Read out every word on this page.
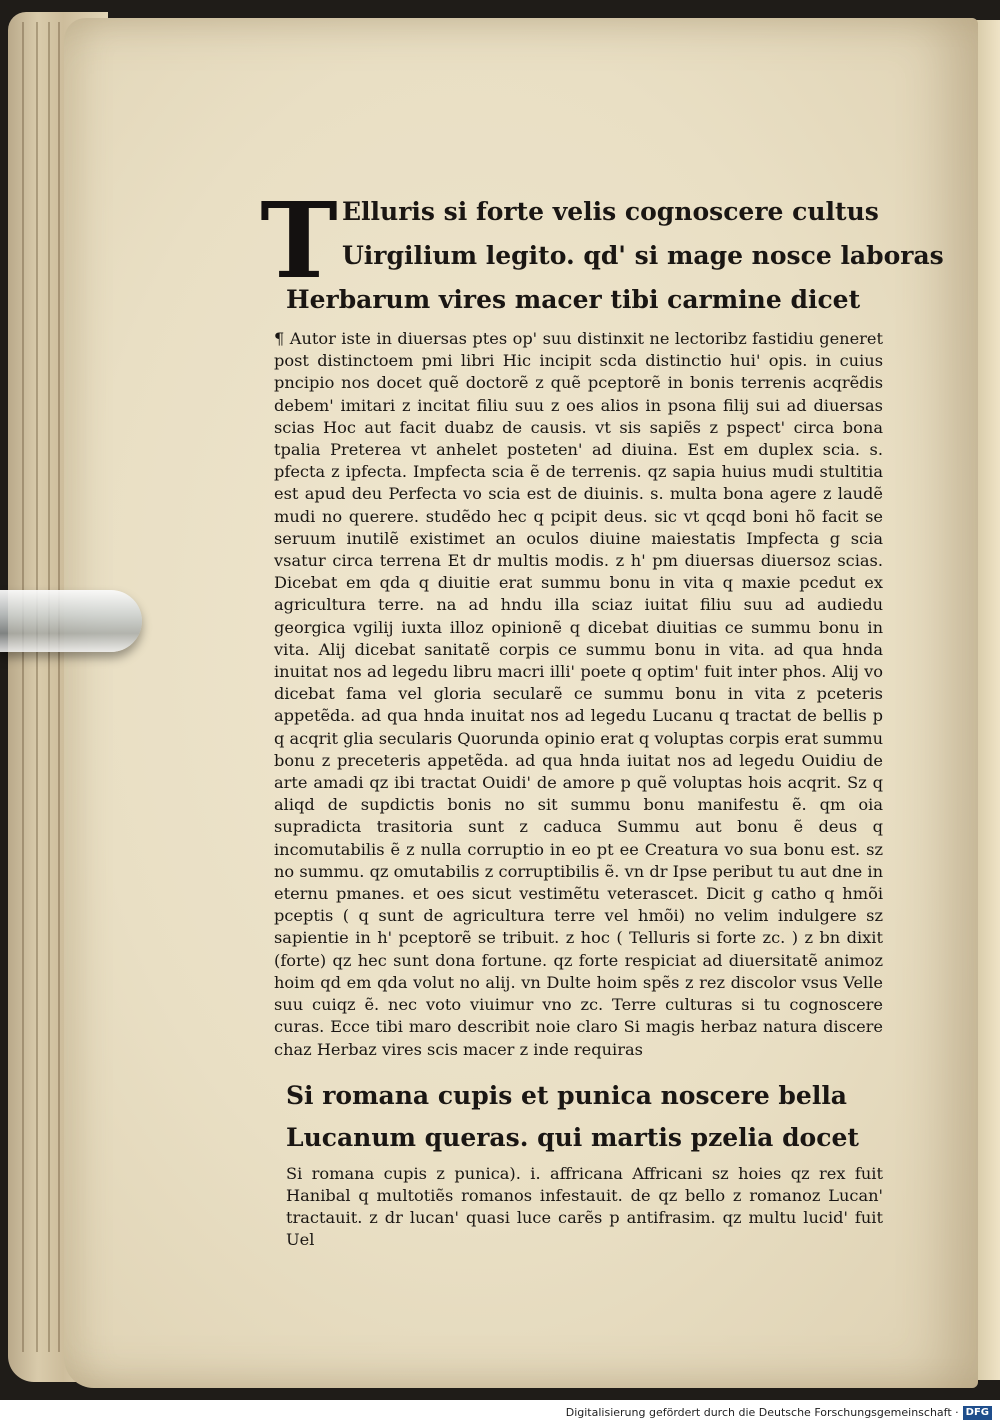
T Elluris si forte velis cognoscere cultus
Uirgilium legito. qd' si mage nosce laboras
Herbarum vires macer tibi carmine dicet
¶ Autor iste in diuersas ptes op' suu distinxit ne lectoribz fastidiu generet post distinctoem pmi libri Hic incipit scda distinctio hui' opis. in cuius pncipio nos docet quẽ doctorẽ z quẽ pceptorẽ in bonis terrenis acqrẽdis debem' imitari z incitat filiu suu z oes alios in psona filij sui ad diuersas scias Hoc aut facit duabz de causis. vt sis sapiẽs z pspect' circa bona tpalia Preterea vt anhelet posteten' ad diuina. Est em duplex scia. s. pfecta z ipfecta. Impfecta scia ẽ de terrenis. qz sapia huius mudi stultitia est apud deu Perfecta vo scia est de diuinis. s. multa bona agere z laudẽ mudi no querere. studẽdo hec q pcipit deus. sic vt qcqd boni hõ facit se seruum inutilẽ existimet an oculos diuine maiestatis Impfecta g scia vsatur circa terrena Et dr multis modis. z h' pm diuersas diuersoz scias. Dicebat em qda q diuitie erat summu bonu in vita q maxie pcedut ex agricultura terre. na ad hndu illa sciaz iuitat filiu suu ad audiedu georgica vgilij iuxta illoz opinionẽ q dicebat diuitias ce summu bonu in vita. Alij dicebat sanitatẽ corpis ce summu bonu in vita. ad qua hnda inuitat nos ad legedu libru macri illi' poete q optim' fuit inter phos. Alij vo dicebat fama vel gloria secularẽ ce summu bonu in vita z pceteris appetẽda. ad qua hnda inuitat nos ad legedu Lucanu q tractat de bellis p q acqrit glia secularis Quorunda opinio erat q voluptas corpis erat summu bonu z preceteris appetẽda. ad qua hnda iuitat nos ad legedu Ouidiu de arte amadi qz ibi tractat Ouidi' de amore p quẽ voluptas hois acqrit. Sz q aliqd de supdictis bonis no sit summu bonu manifestu ẽ. qm oia supradicta trasitoria sunt z caduca Summu aut bonu ẽ deus q incomutabilis ẽ z nulla corruptio in eo pt ee Creatura vo sua bonu est. sz no summu. qz omutabilis z corruptibilis ẽ. vn dr Ipse peribut tu aut dne in eternu pmanes. et oes sicut vestimẽtu veterascet. Dicit g catho q hmõi pceptis ( q sunt de agricultura terre vel hmõi) no velim indulgere sz sapientie in h' pceptorẽ se tribuit. z hoc ( Telluris si forte zc. ) z bn dixit (forte) qz hec sunt dona fortune. qz forte respiciat ad diuersitatẽ animoz hoim qd em qda volut no alij. vn Dulte hoim spẽs z rez discolor vsus Velle suu cuiqz ẽ. nec voto viuimur vno zc. Terre culturas si tu cognoscere curas. Ecce tibi maro describit noie claro Si magis herbaz natura discere chaz Herbaz vires scis macer z inde requiras
Si romana cupis et punica noscere bella
Lucanum queras. qui martis pzelia docet
Si romana cupis z punica). i. affricana Affricani sz hoies qz rex fuit Hanibal q multotiẽs romanos infestauit. de qz bello z romanoz Lucan' tractauit. z dr lucan' quasi luce carẽs p antifrasim. qz multu lucid' fuit Uel
Digitalisierung gefördert durch die Deutsche Forschungsgemeinschaft · DFG
